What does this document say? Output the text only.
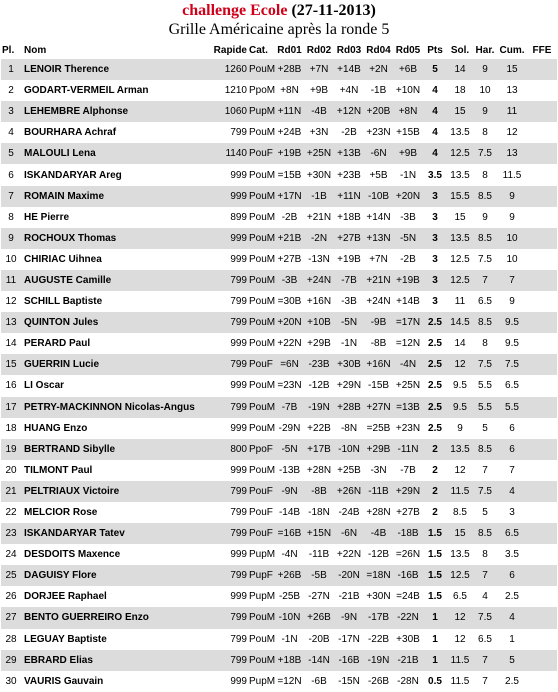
challenge Ecole (27-11-2013)
Grille Américaine après la ronde 5
Pl.	Nom	Rapide	Cat.	Rd01	Rd02	Rd03	Rd04	Rd05	Pts	Sol.	Har.	Cum.	FFE
1	LENOIR Therence	1260	PouM	+28B	+7N	+14B	+2N	+6B	5	14	9	15	
2	GODART-VERMEIL Arman	1210	PpoM	+8N	+9B	+4N	-1B	+10N	4	18	10	13	
3	LEHEMBRE Alphonse	1060	PupM	+11N	-4B	+12N	+20B	+8N	4	15	9	11	
4	BOURHARA Achraf	799	PouM	+24B	+3N	-2B	+23N	+15B	4	13.5	8	12	
5	MALOULI Lena	1140	PouF	+19B	+25N	+13B	-6N	+9B	4	12.5	7.5	13	
6	ISKANDARYAR Areg	999	PouM	=15B	+30N	+23B	+5B	-1N	3.5	13.5	8	11.5	
7	ROMAIN Maxime	999	PouM	+17N	-1B	+11N	-10B	+20N	3	15.5	8.5	9	
8	HE Pierre	899	PouM	-2B	+21N	+18B	+14N	-3B	3	15	9	9	
9	ROCHOUX Thomas	999	PouM	+21B	-2N	+27B	+13N	-5N	3	13.5	8.5	10	
10	CHIRIAC Uihnea	999	PouM	+27B	-13N	+19B	+7N	-2B	3	12.5	7.5	10	
11	AUGUSTE Camille	799	PouM	-3B	+24N	-7B	+21N	+19B	3	12.5	7	7	
12	SCHILL Baptiste	799	PouM	=30B	+16N	-3B	+24N	+14B	3	11	6.5	9	
13	QUINTON Jules	799	PouM	+20N	+10B	-5N	-9B	=17N	2.5	14.5	8.5	9.5	
14	PERARD Paul	999	PouM	+22N	+29B	-1N	-8B	=12N	2.5	14	8	9.5	
15	GUERRIN Lucie	799	PouF	=6N	-23B	+30B	+16N	-4N	2.5	12	7.5	7.5	
16	LI Oscar	999	PouM	=23N	-12B	+29N	-15B	+25N	2.5	9.5	5.5	6.5	
17	PETRY-MACKINNON Nicolas-Angus	799	PouM	-7B	-19N	+28B	+27N	=13B	2.5	9.5	5.5	5.5	
18	HUANG Enzo	999	PouM	-29N	+22B	-8N	=25B	+23N	2.5	9	5	6	
19	BERTRAND Sibylle	800	PpoF	-5N	+17B	-10N	+29B	-11N	2	13.5	8.5	6	
20	TILMONT Paul	999	PouM	-13B	+28N	+25B	-3N	-7B	2	12	7	7	
21	PELTRIAUX Victoire	799	PouF	-9N	-8B	+26N	-11B	+29N	2	11.5	7.5	4	
22	MELCIOR Rose	799	PouF	-14B	-18N	-24B	+28N	+27B	2	8.5	5	3	
23	ISKANDARYAR Tatev	799	PouF	=16B	+15N	-6N	-4B	-18B	1.5	15	8.5	6.5	
24	DESDOITS Maxence	999	PupM	-4N	-11B	+22N	-12B	=26N	1.5	13.5	8	3.5	
25	DAGUISY Flore	799	PupF	+26B	-5B	-20N	=18N	-16B	1.5	12.5	7	6	
26	DORJEE Raphael	999	PupM	-25B	-27N	-21B	+30N	=24B	1.5	6.5	4	2.5	
27	BENTO GUERREIRO Enzo	799	PouM	-10N	+26B	-9N	-17B	-22N	1	12	7.5	4	
28	LEGUAY Baptiste	799	PouM	-1N	-20B	-17N	-22B	+30B	1	12	6.5	1	
29	EBRARD Elias	799	PouM	+18B	-14N	-16B	-19N	-21B	1	11.5	7	5	
30	VAURIS Gauvain	999	PupM	=12N	-6B	-15N	-26B	-28N	0.5	11.5	7	2.5	
